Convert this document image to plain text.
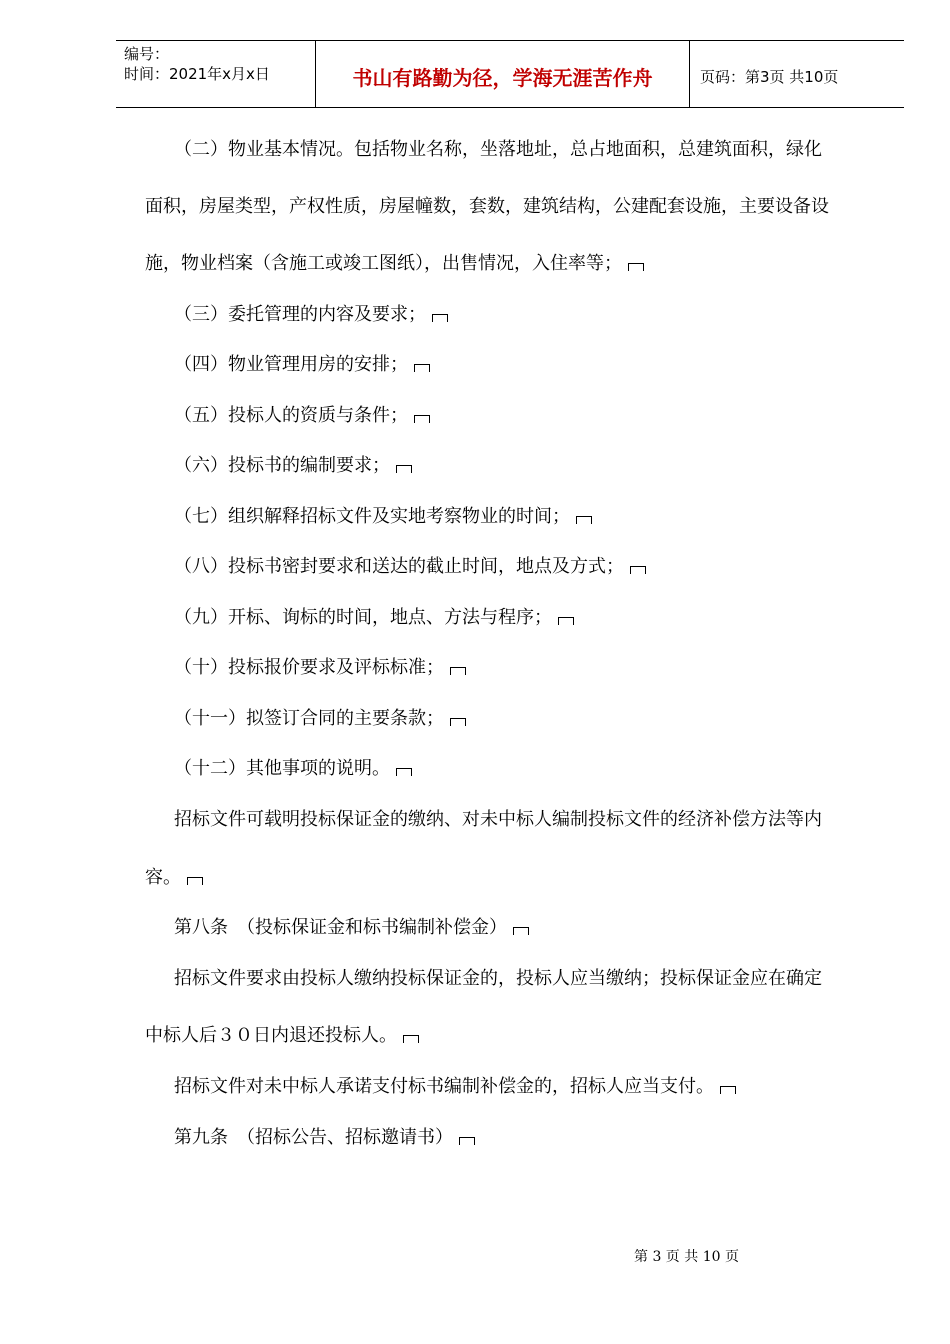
编号：
时间：2021年x月x日	书山有路勤为径，学海无涯苦作舟	页码：第3页 共10页
（二）物业基本情况。包括物业名称，坐落地址，总占地面积，总建筑面积，绿化
面积，房屋类型，产权性质，房屋幢数，套数，建筑结构，公建配套设施，主要设备设
施，物业档案（含施工或竣工图纸），出售情况，入住率等；
（三）委托管理的内容及要求；
（四）物业管理用房的安排；
（五）投标人的资质与条件；
（六）投标书的编制要求；
（七）组织解释招标文件及实地考察物业的时间；
（八）投标书密封要求和送达的截止时间，地点及方式；
（九）开标、询标的时间，地点、方法与程序；
（十）投标报价要求及评标标准；
（十一）拟签订合同的主要条款；
（十二）其他事项的说明。
招标文件可载明投标保证金的缴纳、对未中标人编制投标文件的经济补偿方法等内
容。
第八条　（投标保证金和标书编制补偿金）
招标文件要求由投标人缴纳投标保证金的，投标人应当缴纳；投标保证金应在确定
中标人后３０日内退还投标人。
招标文件对未中标人承诺支付标书编制补偿金的，招标人应当支付。
第九条　（招标公告、招标邀请书）
第 3 页 共 10 页
